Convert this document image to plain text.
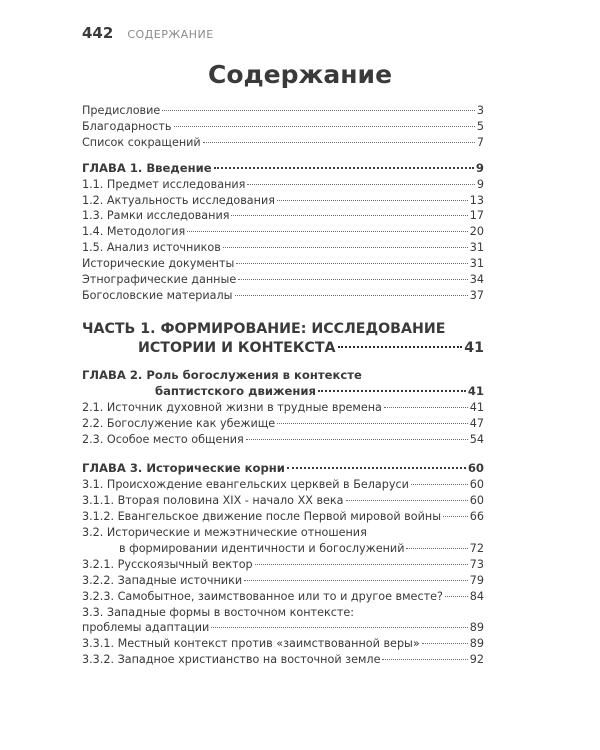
442 СОДЕРЖАНИЕ
Содержание
Предисловие	3
Благодарность	5
Список сокращений	7
ГЛАВА 1. Введение	9
1.1. Предмет исследования	9
1.2. Актуальность исследования	13
1.3. Рамки исследования	17
1.4. Методология	20
1.5. Анализ источников	31
Исторические документы	31
Этнографические данные	34
Богословские материалы	37
ЧАСТЬ 1. ФОРМИРОВАНИЕ: ИССЛЕДОВАНИЕ
ИСТОРИИ И КОНТЕКСТА	41
ГЛАВА 2. Роль богослужения в контексте
баптистского движения	41
2.1. Источник духовной жизни в трудные времена	41
2.2. Богослужение как убежище	47
2.3. Особое место общения	54
ГЛАВА 3. Исторические корни	60
3.1. Происхождение евангельских церквей в Беларуси	60
3.1.1. Вторая половина XIX - начало XX века	60
3.1.2. Евангельское движение после Первой мировой войны	66
3.2. Исторические и межэтнические отношения
в формировании идентичности и богослужений	72
3.2.1. Русскоязычный вектор	73
3.2.2. Западные источники	79
3.2.3. Самобытное, заимствованное или то и другое вместе? 84
3.3. Западные формы в восточном контексте:
проблемы адаптации	89
3.3.1. Местный контекст против «заимствованной веры»	89
3.3.2. Западное христианство на восточной земле	92
